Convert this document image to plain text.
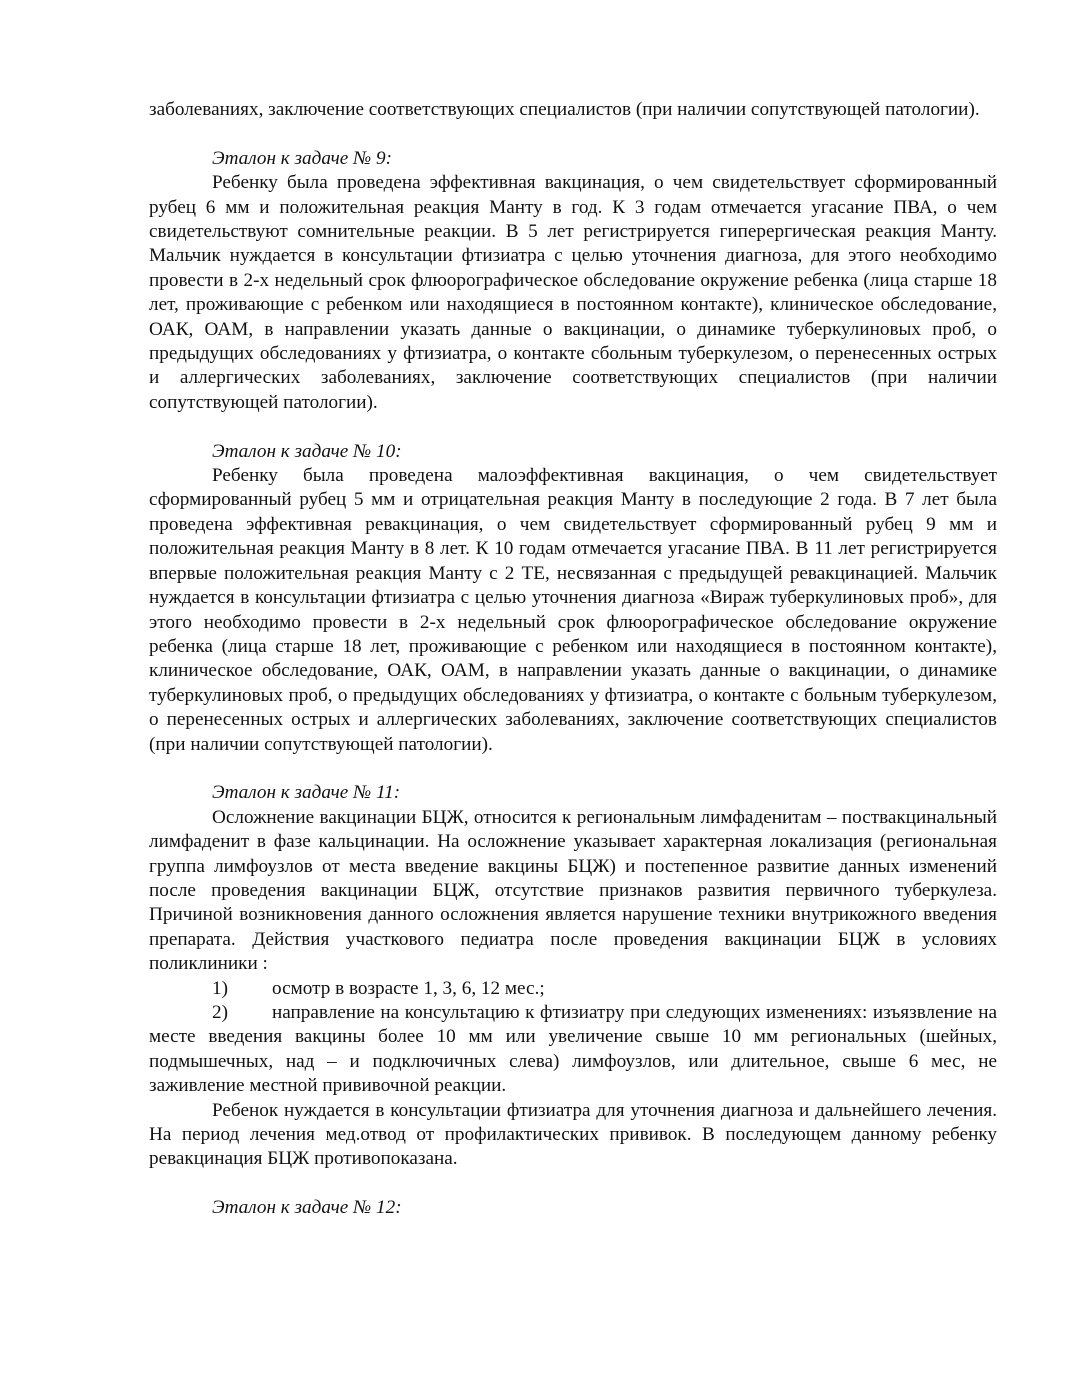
заболеваниях, заключение соответствующих специалистов (при наличии сопутствующей патологии).

Эталон к задаче № 9:

Ребенку была проведена эффективная вакцинация, о чем свидетельствует сформированный рубец 6 мм и положительная реакция Манту в год. К 3 годам отмечается угасание ПВА, о чем свидетельствуют сомнительные реакции. В 5 лет регистрируется гиперергическая реакция Манту. Мальчик нуждается в консультации фтизиатра с целью уточнения диагноза, для этого необходимо провести в 2-х недельный срок флюорографическое обследование окружение ребенка (лица старше 18 лет, проживающие с ребенком или находящиеся в постоянном контакте), клиническое обследование, ОАК, ОАМ, в направлении указать данные о вакцинации, о динамике туберкулиновых проб, о предыдущих обследованиях у фтизиатра, о контакте сбольным туберкулезом, о перенесенных острых и аллергических заболеваниях, заключение соответствующих специалистов (при наличии сопутствующей патологии).

Эталон к задаче № 10:

Ребенку была проведена малоэффективная вакцинация, о чем свидетельствует сформированный рубец 5 мм и отрицательная реакция Манту в последующие 2 года. В 7 лет была проведена эффективная ревакцинация, о чем свидетельствует сформированный рубец 9 мм и положительная реакция Манту в 8 лет. К 10 годам отмечается угасание ПВА. В 11 лет регистрируется впервые положительная реакция Манту с 2 ТЕ, несвязанная с предыдущей ревакцинацией. Мальчик нуждается в консультации фтизиатра с целью уточнения диагноза «Вираж туберкулиновых проб», для этого необходимо провести в 2-х недельный срок флюорографическое обследование окружение ребенка (лица старше 18 лет, проживающие с ребенком или находящиеся в постоянном контакте), клиническое обследование, ОАК, ОАМ, в направлении указать данные о вакцинации, о динамике туберкулиновых проб, о предыдущих обследованиях у фтизиатра, о контакте с больным туберкулезом, о перенесенных острых и аллергических заболеваниях, заключение соответствующих специалистов (при наличии сопутствующей патологии).

Эталон к задаче № 11:

Осложнение вакцинации БЦЖ, относится к региональным лимфаденитам – поствакцинальный лимфаденит в фазе кальцинации. На осложнение указывает характерная локализация (региональная группа лимфоузлов от места введение вакцины БЦЖ) и постепенное развитие данных изменений после проведения вакцинации БЦЖ, отсутствие признаков развития первичного туберкулеза. Причиной возникновения данного осложнения является нарушение техники внутрикожного введения препарата. Действия участкового педиатра после проведения вакцинации БЦЖ в условиях поликлиники :

1) осмотр в возрасте 1, 3, 6, 12 мес.;

2) направление на консультацию к фтизиатру при следующих изменениях: изъязвление на месте введения вакцины более 10 мм или увеличение свыше 10 мм региональных (шейных, подмышечных, над – и подключичных слева) лимфоузлов, или длительное, свыше 6 мес, не заживление местной прививочной реакции.

Ребенок нуждается в консультации фтизиатра для уточнения диагноза и дальнейшего лечения. На период лечения мед.отвод от профилактических прививок. В последующем данному ребенку ревакцинация БЦЖ противопоказана.

Эталон к задаче № 12:
